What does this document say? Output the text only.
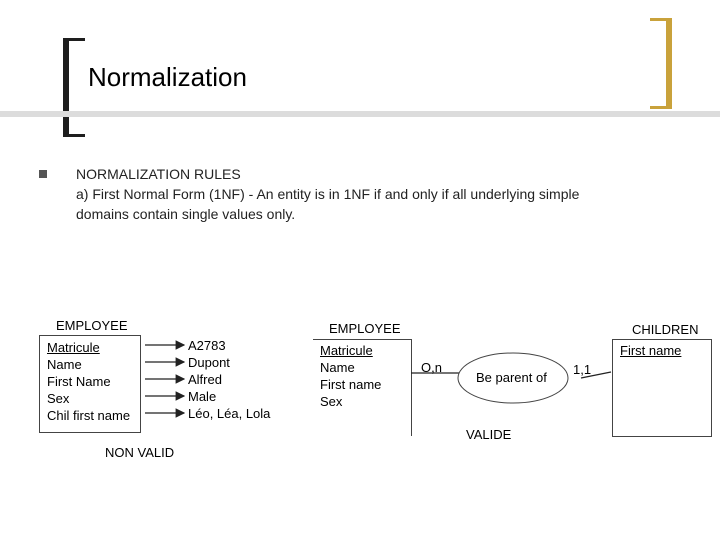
Normalization
NORMALIZATION RULES
a) First Normal Form (1NF) - An entity is in 1NF if and only if all underlying simple
domains contain single values only.
EMPLOYEE
Matricule
Name
First Name
Sex
Chil first name
A2783
Dupont
Alfred
Male
Léo, Léa, Lola
NON VALID
EMPLOYEE
Matricule
Name
First name
Sex
Be parent of
O,n	1,1
CHILDREN
First name
VALIDE
